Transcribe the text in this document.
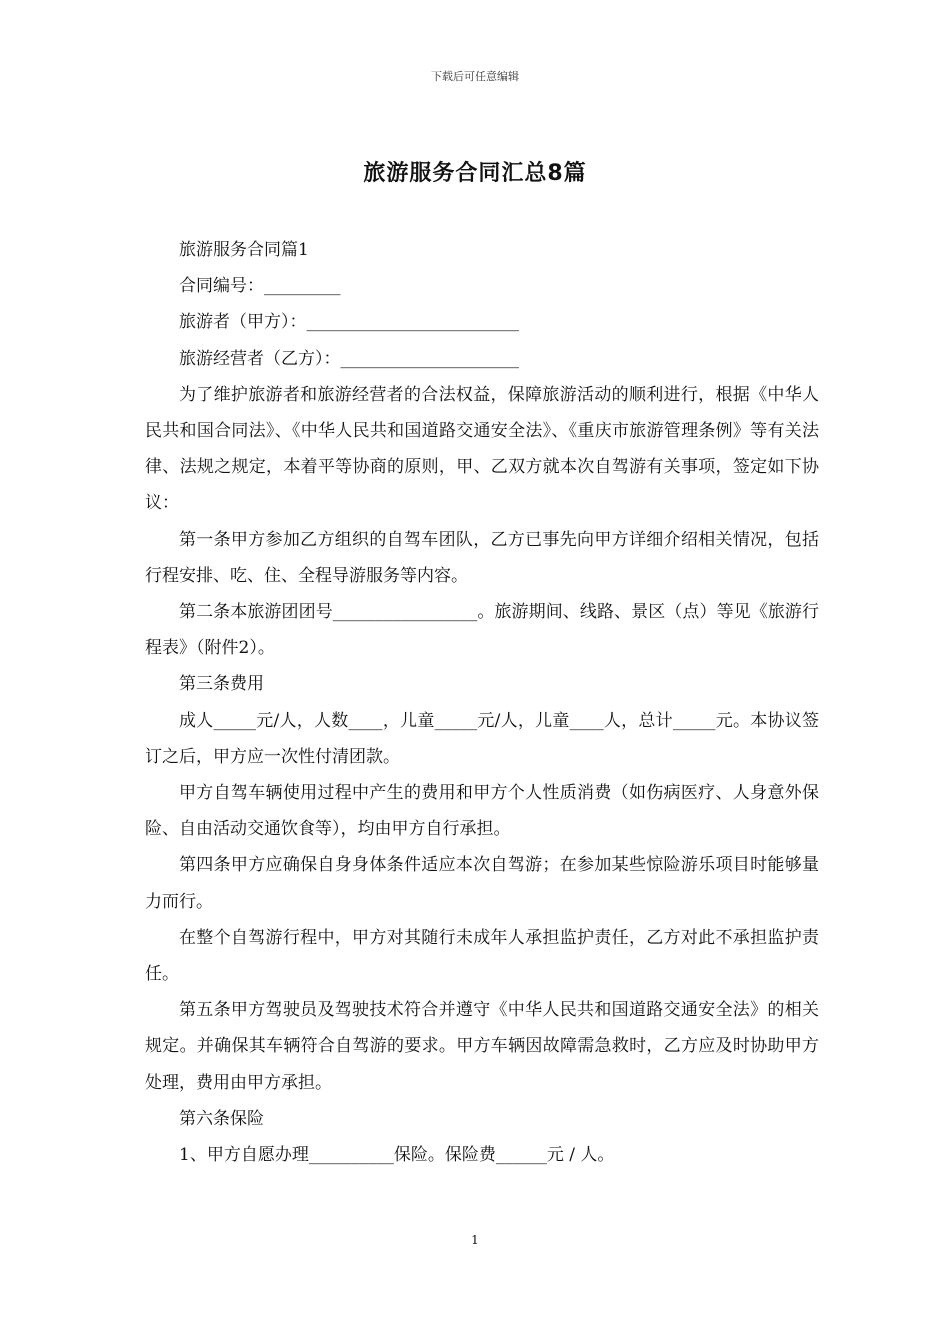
下载后可任意编辑
旅游服务合同汇总8篇

旅游服务合同篇1

合同编号：_________

旅游者（甲方）：_________________________

旅游经营者（乙方）：_____________________

为了维护旅游者和旅游经营者的合法权益，保障旅游活动的顺利进行，根据《中华人民共和国合同法》、《中华人民共和国道路交通安全法》、《重庆市旅游管理条例》等有关法律、法规之规定，本着平等协商的原则，甲、乙双方就本次自驾游有关事项，签定如下协议：

第一条甲方参加乙方组织的自驾车团队，乙方已事先向甲方详细介绍相关情况，包括行程安排、吃、住、全程导游服务等内容。

第二条本旅游团团号_________________。旅游期间、线路、景区（点）等见《旅游行程表》（附件2）。

第三条费用

成人_____元/人，人数____，儿童_____元/人，儿童____人，总计_____元。本协议签订之后，甲方应一次性付清团款。

甲方自驾车辆使用过程中产生的费用和甲方个人性质消费（如伤病医疗、人身意外保险、自由活动交通饮食等），均由甲方自行承担。

第四条甲方应确保自身身体条件适应本次自驾游；在参加某些惊险游乐项目时能够量力而行。

在整个自驾游行程中，甲方对其随行未成年人承担监护责任，乙方对此不承担监护责任。

第五条甲方驾驶员及驾驶技术符合并遵守《中华人民共和国道路交通安全法》的相关规定。并确保其车辆符合自驾游的要求。甲方车辆因故障需急救时，乙方应及时协助甲方处理，费用由甲方承担。

第六条保险

1、甲方自愿办理__________保险。保险费______元 / 人。

1
